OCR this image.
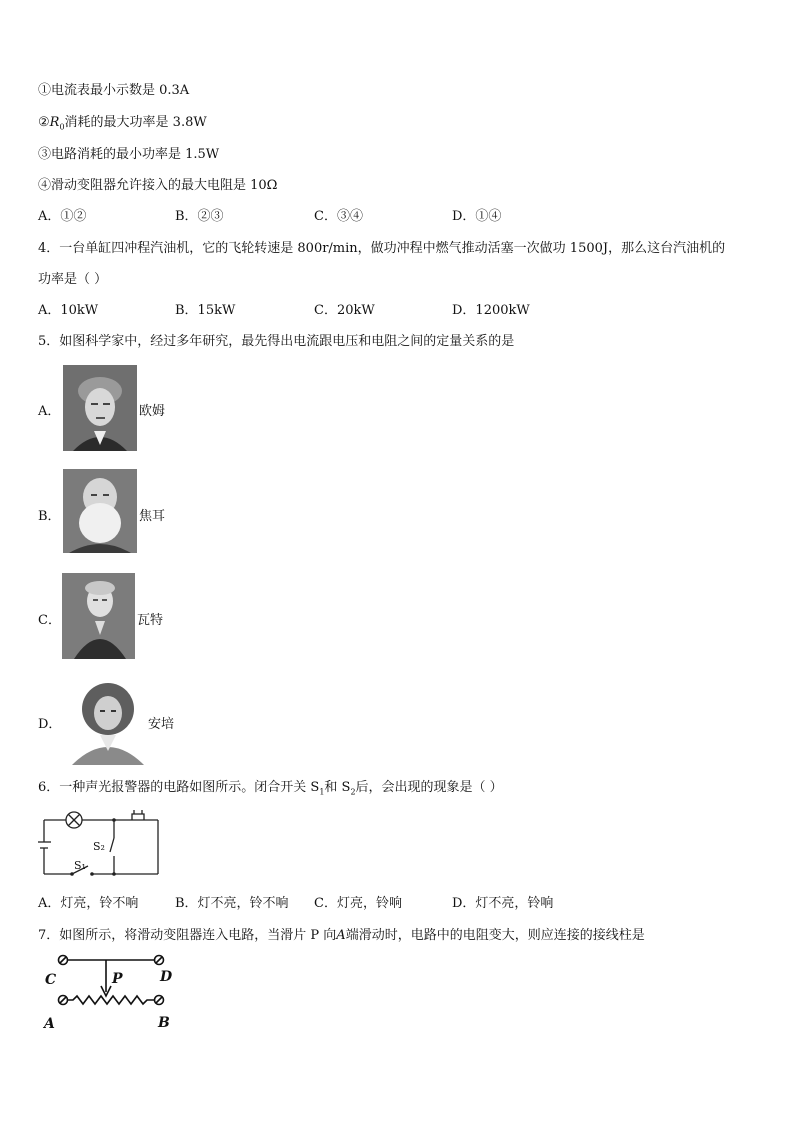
①电流表最小示数是 0.3A
$②R_0$消耗的最大功率是 3.8W
③电路消耗的最小功率是 1.5W
④滑动变阻器允许接入的最大电阻是 10Ω
A．①②	B．②③	C．③④	D．①④
4．一台单缸四冲程汽油机，它的飞轮转速是 800r/min，做功冲程中燃气推动活塞一次做功 1500J，那么这台汽油机的
功率是（ ）
A．10kW	B．15kW	C．20kW	D．1200kW
5．如图科学家中，经过多年研究，最先得出电流跟电压和电阻之间的定量关系的是
A．	欧姆
B．	焦耳
C．	瓦特
D．	安培
6．一种声光报警器的电路如图所示。闭合开关 $S_1$和 $S_2$后，会出现的现象是（ ）
S₂
S₁
A．灯亮，铃不响	B．灯不亮，铃不响 C．灯亮，铃响	D．灯不亮，铃响
7．如图所示，将滑动变阻器连入电路，当滑片 P 向A端滑动时，电路中的电阻变大，则应连接的接线柱是
C	D
A	B
P
